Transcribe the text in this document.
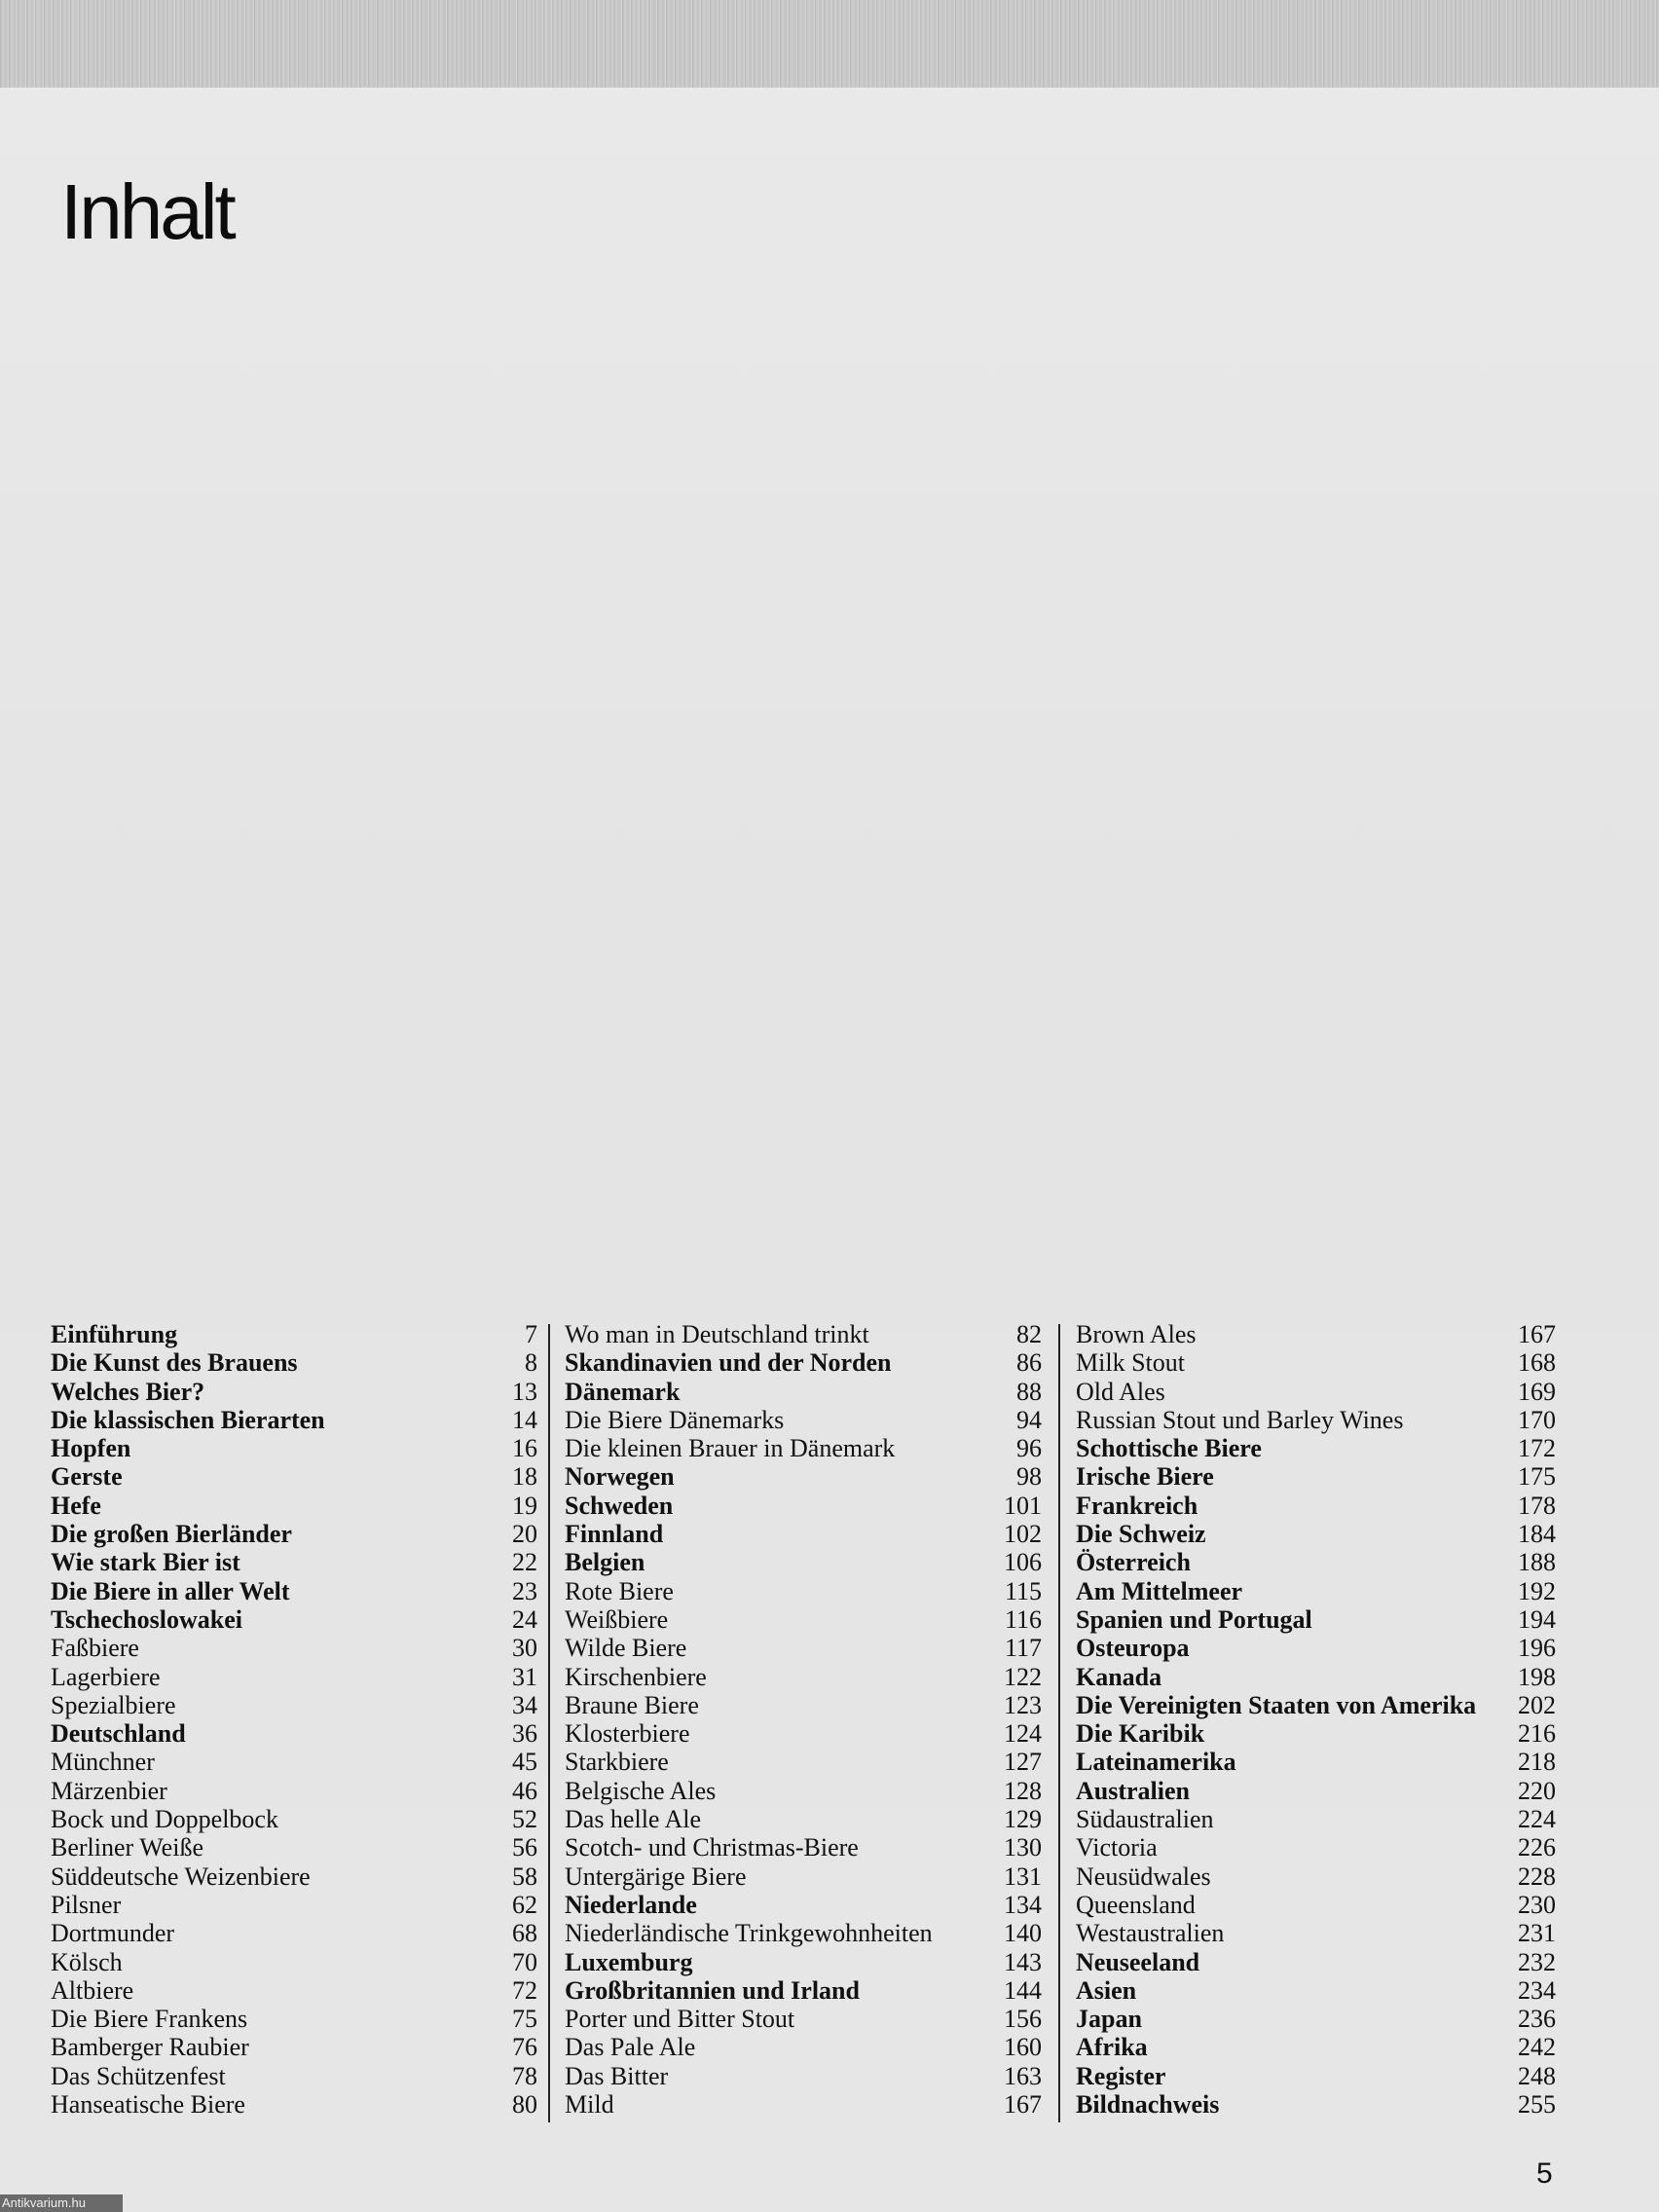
Inhalt
Einführung	7
Die Kunst des Brauens	8
Welches Bier?	13
Die klassischen Bierarten	14
Hopfen	16
Gerste	18
Hefe	19
Die großen Bierländer	20
Wie stark Bier ist	22
Die Biere in aller Welt	23
Tschechoslowakei	24
Faßbiere	30
Lagerbiere	31
Spezialbiere	34
Deutschland	36
Münchner	45
Märzenbier	46
Bock und Doppelbock	52
Berliner Weiße	56
Süddeutsche Weizenbiere	58
Pilsner	62
Dortmunder	68
Kölsch	70
Altbiere	72
Die Biere Frankens	75
Bamberger Raubier	76
Das Schützenfest	78
Hanseatische Biere	80
Wo man in Deutschland trinkt	82
Skandinavien und der Norden	86
Dänemark	88
Die Biere Dänemarks	94
Die kleinen Brauer in Dänemark	96
Norwegen	98
Schweden	101
Finnland	102
Belgien	106
Rote Biere	115
Weißbiere	116
Wilde Biere	117
Kirschenbiere	122
Braune Biere	123
Klosterbiere	124
Starkbiere	127
Belgische Ales	128
Das helle Ale	129
Scotch- und Christmas-Biere	130
Untergärige Biere	131
Niederlande	134
Niederländische Trinkgewohnheiten	140
Luxemburg	143
Großbritannien und Irland	144
Porter und Bitter Stout	156
Das Pale Ale	160
Das Bitter	163
Mild	167
Brown Ales	167
Milk Stout	168
Old Ales	169
Russian Stout und Barley Wines	170
Schottische Biere	172
Irische Biere	175
Frankreich	178
Die Schweiz	184
Österreich	188
Am Mittelmeer	192
Spanien und Portugal	194
Osteuropa	196
Kanada	198
Die Vereinigten Staaten von Amerika 202
Die Karibik	216
Lateinamerika	218
Australien	220
Südaustralien	224
Victoria	226
Neusüdwales	228
Queensland	230
Westaustralien	231
Neuseeland	232
Asien	234
Japan	236
Afrika	242
Register	248
Bildnachweis	255
5
Antikvarium.hu
